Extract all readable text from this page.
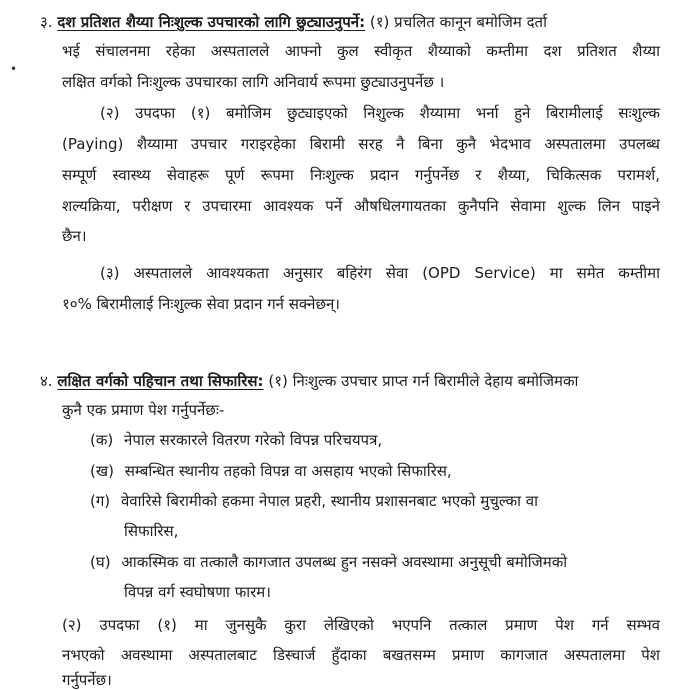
•
३. दश प्रतिशत शैय्या निःशुल्क उपचारको लागि छुट्याउनुपर्ने: (१) प्रचलित कानून बमोजिम दर्ता
भई संचालनमा रहेका अस्पतालले आफ्नो कुल स्वीकृत शैय्याको कम्तीमा दश प्रतिशत शैय्या
लक्षित वर्गको निःशुल्क उपचारका लागि अनिवार्य रूपमा छुट्याउनुपर्नेछ ।
(२) उपदफा (१) बमोजिम छुट्याइएको निशुल्क शैय्यामा भर्ना हुने बिरामीलाई सःशुल्क
(Paying) शैय्यामा उपचार गराइरहेका बिरामी सरह नै बिना कुनै भेदभाव अस्पतालमा उपलब्ध
सम्पूर्ण स्वास्थ्य सेवाहरू पूर्ण रूपमा निःशुल्क प्रदान गर्नुपर्नेछ र शैय्या, चिकित्सक परामर्श,
शल्यक्रिया, परीक्षण र उपचारमा आवश्यक पर्ने औषधिलगायतका कुनैपनि सेवामा शुल्क लिन पाइने
छैन।
(३) अस्पतालले आवश्यकता अनुसार बहिरंग सेवा (OPD Service) मा समेत कम्तीमा
१०% बिरामीलाई निःशुल्क सेवा प्रदान गर्न सक्नेछन्।
४. लक्षित वर्गको पहिचान तथा सिफारिस: (१) निःशुल्क उपचार प्राप्त गर्न बिरामीले देहाय बमोजिमका
कुनै एक प्रमाण पेश गर्नुपर्नेछः-
(क) नेपाल सरकारले वितरण गरेको विपन्न परिचयपत्र,
(ख) सम्बन्धित स्थानीय तहको विपन्न वा असहाय भएको सिफारिस,
(ग) वेवारिसे बिरामीको हकमा नेपाल प्रहरी, स्थानीय प्रशासनबाट भएको मुचुल्का वा
सिफारिस,
(घ) आकस्मिक वा तत्कालै कागजात उपलब्ध हुन नसक्ने अवस्थामा अनुसूची बमोजिमको
विपन्न वर्ग स्वघोषणा फारम।
(२) उपदफा (१) मा जुनसुकै कुरा लेखिएको भएपनि तत्काल प्रमाण पेश गर्न सम्भव
नभएको अवस्थामा अस्पतालबाट डिस्चार्ज हुँदाका बखतसम्म प्रमाण कागजात अस्पतालमा पेश
गर्नुपर्नेछ।
